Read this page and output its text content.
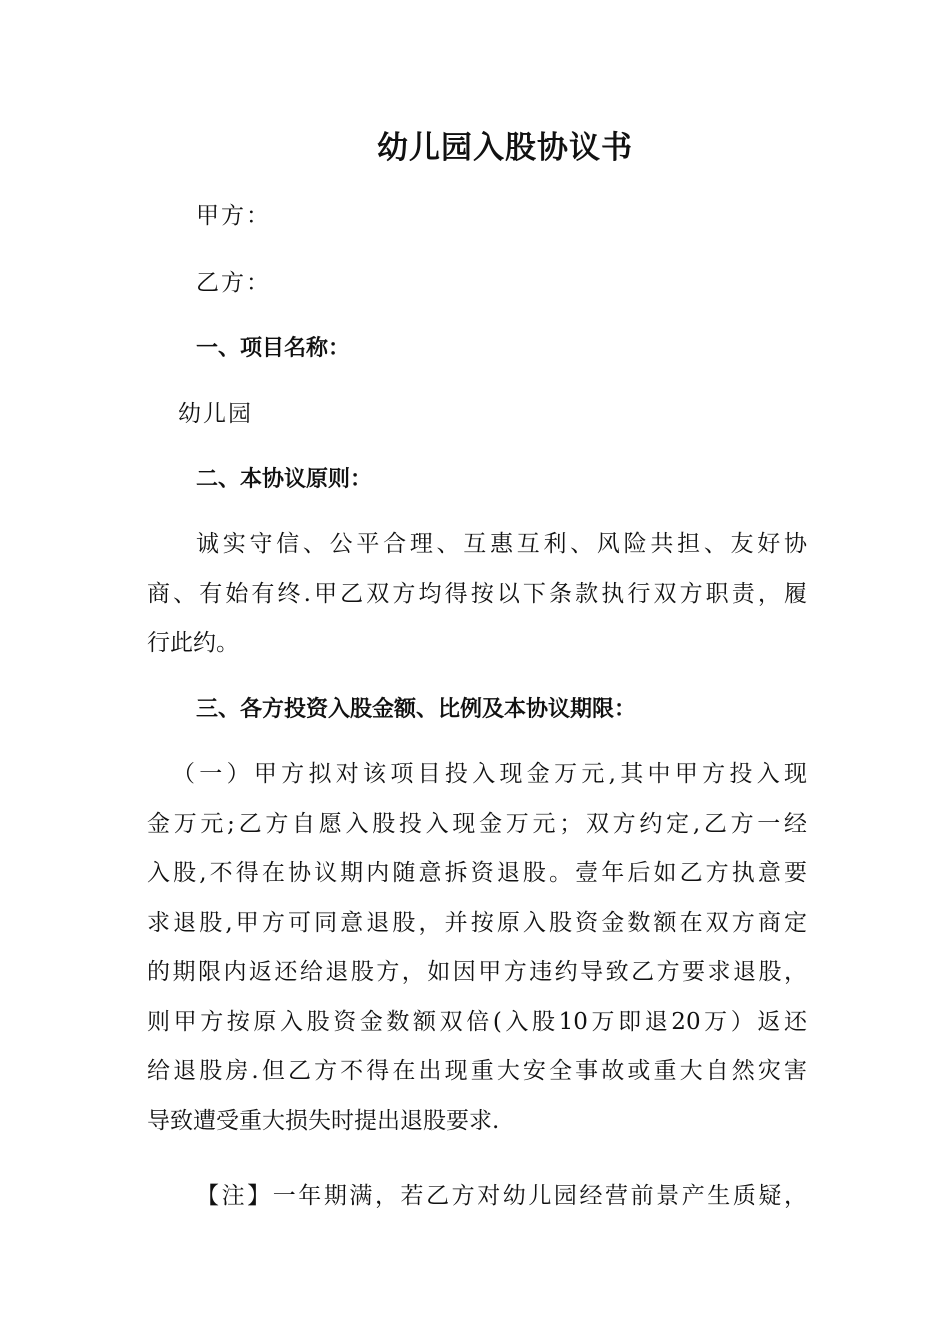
幼儿园入股协议书

甲方：

乙方：

一、项目名称：

幼儿园

二、本协议原则：

诚实守信、公平合理、互惠互利、风险共担、友好协
商、有始有终.甲乙双方均得按以下条款执行双方职责，履
行此约。

三、各方投资入股金额、比例及本协议期限：

（一）甲方拟对该项目投入现金万元,其中甲方投入现
金万元;乙方自愿入股投入现金万元；双方约定,乙方一经
入股,不得在协议期内随意拆资退股。壹年后如乙方执意要
求退股,甲方可同意退股，并按原入股资金数额在双方商定
的期限内返还给退股方，如因甲方违约导致乙方要求退股，
则甲方按原入股资金数额双倍(入股10万即退20万）返还
给退股房.但乙方不得在出现重大安全事故或重大自然灾害
导致遭受重大损失时提出退股要求.
【注】一年期满，若乙方对幼儿园经营前景产生质疑，
